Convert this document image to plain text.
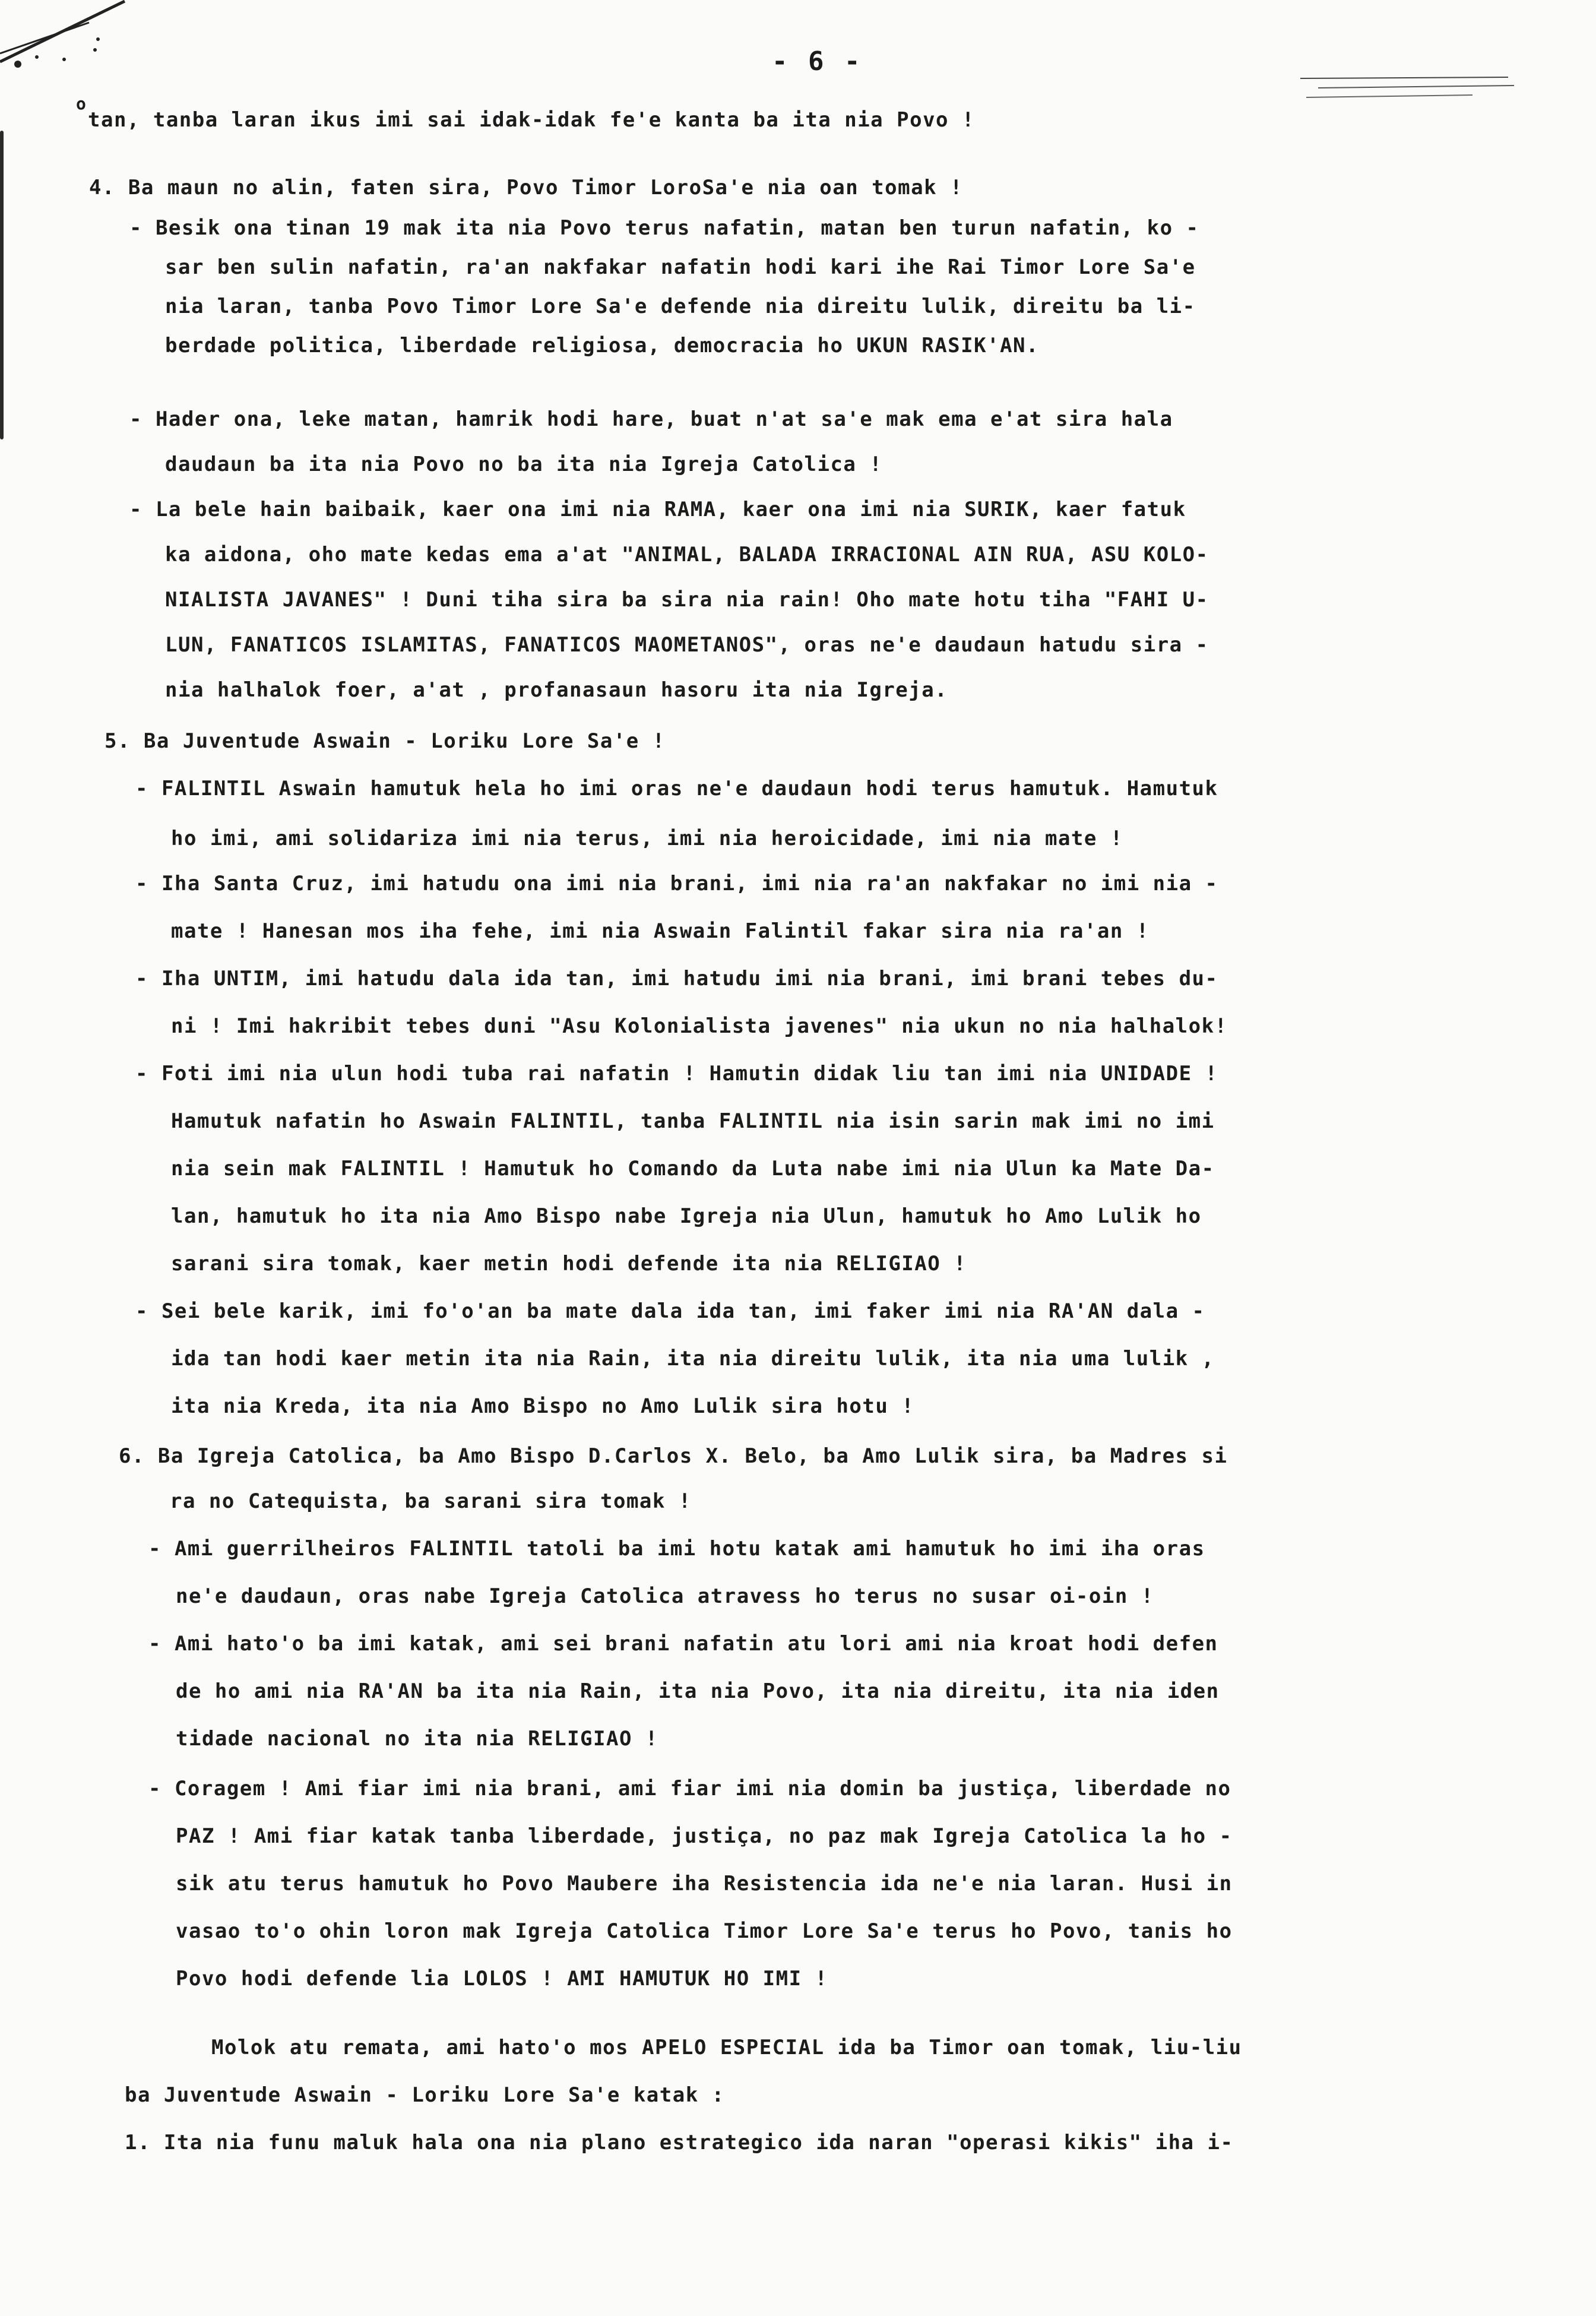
- 6 -
o
tan, tanba laran ikus imi sai idak-idak fe'e kanta ba ita nia Povo !
4. Ba maun no alin, faten sira, Povo Timor LoroSa'e nia oan tomak !
- Besik ona tinan 19 mak ita nia Povo terus nafatin, matan ben turun nafatin, ko -
sar ben sulin nafatin, ra'an nakfakar nafatin hodi kari ihe Rai Timor Lore Sa'e
nia laran, tanba Povo Timor Lore Sa'e defende nia direitu lulik, direitu ba li-
berdade politica, liberdade religiosa, democracia ho UKUN RASIK'AN.
- Hader ona, leke matan, hamrik hodi hare, buat n'at sa'e mak ema e'at sira hala
daudaun ba ita nia Povo no ba ita nia Igreja Catolica !
- La bele hain baibaik, kaer ona imi nia RAMA, kaer ona imi nia SURIK, kaer fatuk
ka aidona, oho mate kedas ema a'at "ANIMAL, BALADA IRRACIONAL AIN RUA, ASU KOLO-
NIALISTA JAVANES" ! Duni tiha sira ba sira nia rain! Oho mate hotu tiha "FAHI U-
LUN, FANATICOS ISLAMITAS, FANATICOS MAOMETANOS", oras ne'e daudaun hatudu sira -
nia halhalok foer, a'at , profanasaun hasoru ita nia Igreja.
5. Ba Juventude Aswain - Loriku Lore Sa'e !
- FALINTIL Aswain hamutuk hela ho imi oras ne'e daudaun hodi terus hamutuk. Hamutuk
ho imi, ami solidariza imi nia terus, imi nia heroicidade, imi nia mate !
- Iha Santa Cruz, imi hatudu ona imi nia brani, imi nia ra'an nakfakar no imi nia -
mate ! Hanesan mos iha fehe, imi nia Aswain Falintil fakar sira nia ra'an !
- Iha UNTIM, imi hatudu dala ida tan, imi hatudu imi nia brani, imi brani tebes du-
ni ! Imi hakribit tebes duni "Asu Kolonialista javenes" nia ukun no nia halhalok!
- Foti imi nia ulun hodi tuba rai nafatin ! Hamutin didak liu tan imi nia UNIDADE !
Hamutuk nafatin ho Aswain FALINTIL, tanba FALINTIL nia isin sarin mak imi no imi
nia sein mak FALINTIL ! Hamutuk ho Comando da Luta nabe imi nia Ulun ka Mate Da-
lan, hamutuk ho ita nia Amo Bispo nabe Igreja nia Ulun, hamutuk ho Amo Lulik ho
sarani sira tomak, kaer metin hodi defende ita nia RELIGIAO !
- Sei bele karik, imi fo'o'an ba mate dala ida tan, imi faker imi nia RA'AN dala -
ida tan hodi kaer metin ita nia Rain, ita nia direitu lulik, ita nia uma lulik ,
ita nia Kreda, ita nia Amo Bispo no Amo Lulik sira hotu !
6. Ba Igreja Catolica, ba Amo Bispo D.Carlos X. Belo, ba Amo Lulik sira, ba Madres si
ra no Catequista, ba sarani sira tomak !
- Ami guerrilheiros FALINTIL tatoli ba imi hotu katak ami hamutuk ho imi iha oras
ne'e daudaun, oras nabe Igreja Catolica atravess ho terus no susar oi-oin !
- Ami hato'o ba imi katak, ami sei brani nafatin atu lori ami nia kroat hodi defen
de ho ami nia RA'AN ba ita nia Rain, ita nia Povo, ita nia direitu, ita nia iden
tidade nacional no ita nia RELIGIAO !
- Coragem ! Ami fiar imi nia brani, ami fiar imi nia domin ba justiça, liberdade no
PAZ ! Ami fiar katak tanba liberdade, justiça, no paz mak Igreja Catolica la ho -
sik atu terus hamutuk ho Povo Maubere iha Resistencia ida ne'e nia laran. Husi in
vasao to'o ohin loron mak Igreja Catolica Timor Lore Sa'e terus ho Povo, tanis ho
Povo hodi defende lia LOLOS ! AMI HAMUTUK HO IMI !
Molok atu remata, ami hato'o mos APELO ESPECIAL ida ba Timor oan tomak, liu-liu
ba Juventude Aswain - Loriku Lore Sa'e katak :
1. Ita nia funu maluk hala ona nia plano estrategico ida naran "operasi kikis" iha i-
